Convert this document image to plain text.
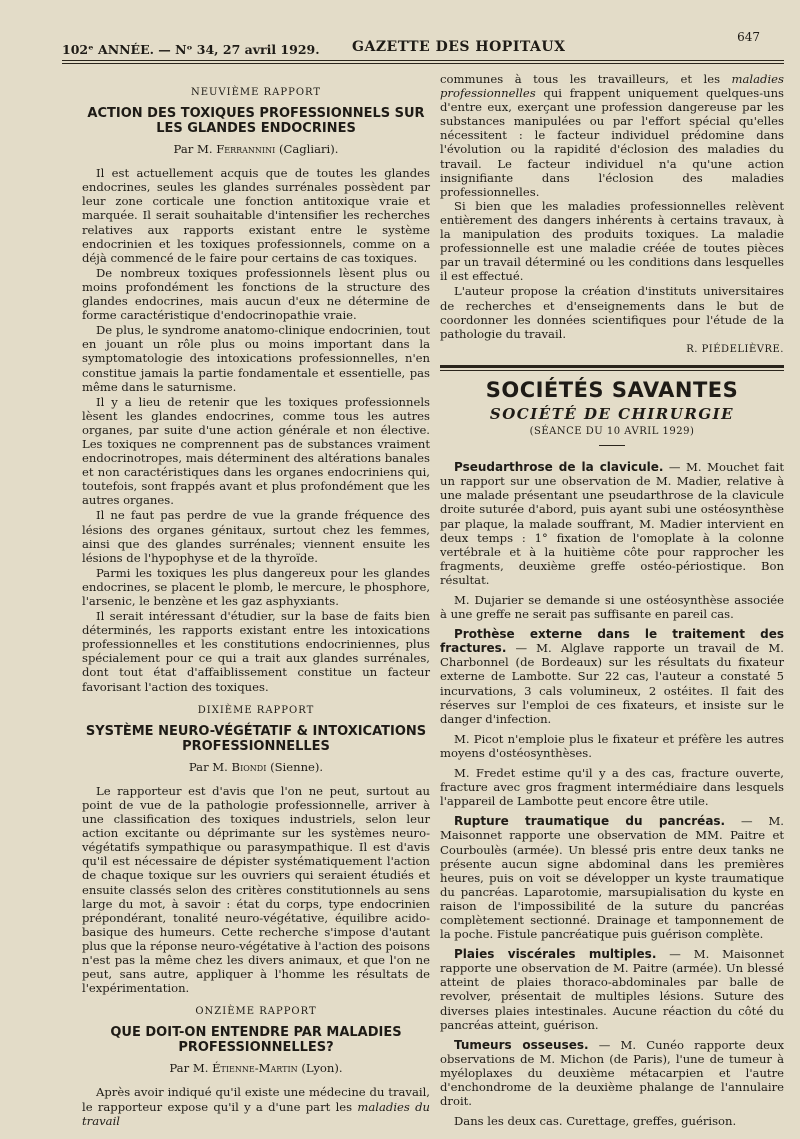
102ᵉ ANNÉE. — Nᵒ 34, 27 avril 1929. GAZETTE DES HOPITAUX
647
NEUVIÈME RAPPORT
ACTION DES TOXIQUES PROFESSIONNELS SUR LES GLANDES ENDOCRINES
Par M. Ferrannini (Cagliari).

Il est actuellement acquis que de toutes les glandes endocrines, seules les glandes surrénales possèdent par leur zone corticale une fonction antitoxique vraie et marquée. Il serait souhaitable d'intensifier les recherches relatives aux rapports existant entre le système endocrinien et les toxiques professionnels, comme on a déjà commencé de le faire pour certains de cas toxiques.

De nombreux toxiques professionnels lèsent plus ou moins profondément les fonctions de la structure des glandes endocrines, mais aucun d'eux ne détermine de forme caractéristique d'endocrinopathie vraie.

De plus, le syndrome anatomo-clinique endocrinien, tout en jouant un rôle plus ou moins important dans la symptomatologie des intoxications professionnelles, n'en constitue jamais la partie fondamentale et essentielle, pas même dans le saturnisme.

Il y a lieu de retenir que les toxiques professionnels lèsent les glandes endocrines, comme tous les autres organes, par suite d'une action générale et non élective. Les toxiques ne comprennent pas de substances vraiment endocrinotropes, mais déterminent des altérations banales et non caractéristiques dans les organes endocriniens qui, toutefois, sont frappés avant et plus profondément que les autres organes.

Il ne faut pas perdre de vue la grande fréquence des lésions des organes génitaux, surtout chez les femmes, ainsi que des glandes surrénales; viennent ensuite les lésions de l'hypophyse et de la thyroïde.

Parmi les toxiques les plus dangereux pour les glandes endocrines, se placent le plomb, le mercure, le phosphore, l'arsenic, le benzène et les gaz asphyxiants.

Il serait intéressant d'étudier, sur la base de faits bien déterminés, les rapports existant entre les intoxications professionnelles et les constitutions endocriniennes, plus spécialement pour ce qui a trait aux glandes surrénales, dont tout état d'affaiblissement constitue un facteur favorisant l'action des toxiques.

DIXIÈME RAPPORT
SYSTÈME NEURO-VÉGÉTATIF & INTOXICATIONS PROFESSIONNELLES
Par M. Biondi (Sienne).

Le rapporteur est d'avis que l'on ne peut, surtout au point de vue de la pathologie professionnelle, arriver à une classification des toxiques industriels, selon leur action excitante ou déprimante sur les systèmes neuro-végétatifs sympathique ou parasympathique. Il est d'avis qu'il est nécessaire de dépister systématiquement l'action de chaque toxique sur les ouvriers qui seraient étudiés et ensuite classés selon des critères constitutionnels au sens large du mot, à savoir : état du corps, type endocrinien prépondérant, tonalité neuro-végétative, équilibre acido-basique des humeurs. Cette recherche s'impose d'autant plus que la réponse neuro-végétative à l'action des poisons n'est pas la même chez les divers animaux, et que l'on ne peut, sans autre, appliquer à l'homme les résultats de l'expérimentation.

ONZIÈME RAPPORT
QUE DOIT-ON ENTENDRE PAR MALADIES PROFESSIONNELLES?
Par M. Étienne-Martin (Lyon).

Après avoir indiqué qu'il existe une médecine du travail, le rapporteur expose qu'il y a d'une part les maladies du travail

communes à tous les travailleurs, et les maladies professionnelles qui frappent uniquement quelques-uns d'entre eux, exerçant une profession dangereuse par les substances manipulées ou par l'effort spécial qu'elles nécessitent : le facteur individuel prédomine dans l'évolution ou la rapidité d'éclosion des maladies du travail. Le facteur individuel n'a qu'une action insignifiante dans l'éclosion des maladies professionnelles.

Si bien que les maladies professionnelles relèvent entièrement des dangers inhérents à certains travaux, à la manipulation des produits toxiques. La maladie professionnelle est une maladie créée de toutes pièces par un travail déterminé ou les conditions dans lesquelles il est effectué.

L'auteur propose la création d'instituts universitaires de recherches et d'enseignements dans le but de coordonner les données scientifiques pour l'étude de la pathologie du travail.

R. PIÉDELIÈVRE.
SOCIÉTÉS SAVANTES
SOCIÉTÉ DE CHIRURGIE
(SÉANCE DU 10 AVRIL 1929)

Pseudarthrose de la clavicule. — M. Mouchet fait un rapport sur une observation de M. Madier, relative à une malade présentant une pseudarthrose de la clavicule droite suturée d'abord, puis ayant subi une ostéosynthèse par plaque, la malade souffrant, M. Madier intervient en deux temps : 1° fixation de l'omoplate à la colonne vertébrale et à la huitième côte pour rapprocher les fragments, deuxième greffe ostéo-périostique. Bon résultat.

M. Dujarier se demande si une ostéosynthèse associée à une greffe ne serait pas suffisante en pareil cas.

Prothèse externe dans le traitement des fractures. — M. Alglave rapporte un travail de M. Charbonnel (de Bordeaux) sur les résultats du fixateur externe de Lambotte. Sur 22 cas, l'auteur a constaté 5 incurvations, 3 cals volumineux, 2 ostéites. Il fait des réserves sur l'emploi de ces fixateurs, et insiste sur le danger d'infection.

M. Picot n'emploie plus le fixateur et préfère les autres moyens d'ostéosynthèses.

M. Fredet estime qu'il y a des cas, fracture ouverte, fracture avec gros fragment intermédiaire dans lesquels l'appareil de Lambotte peut encore être utile.

Rupture traumatique du pancréas. — M. Maisonnet rapporte une observation de MM. Paitre et Courboulès (armée). Un blessé pris entre deux tanks ne présente aucun signe abdominal dans les premières heures, puis on voit se développer un kyste traumatique du pancréas. Laparotomie, marsupialisation du kyste en raison de l'impossibilité de la suture du pancréas complètement sectionné. Drainage et tamponnement de la poche. Fistule pancréatique puis guérison complète.

Plaies viscérales multiples. — M. Maisonnet rapporte une observation de M. Paitre (armée). Un blessé atteint de plaies thoraco-abdominales par balle de revolver, présentait de multiples lésions. Suture des diverses plaies intestinales. Aucune réaction du côté du pancréas atteint, guérison.

Tumeurs osseuses. — M. Cunéo rapporte deux observations de M. Michon (de Paris), l'une de tumeur à myéloplaxes du deuxième métacarpien et l'autre d'enchondrome de la deuxième phalange de l'annulaire droit.

Dans les deux cas. Curettage, greffes, guérison.
